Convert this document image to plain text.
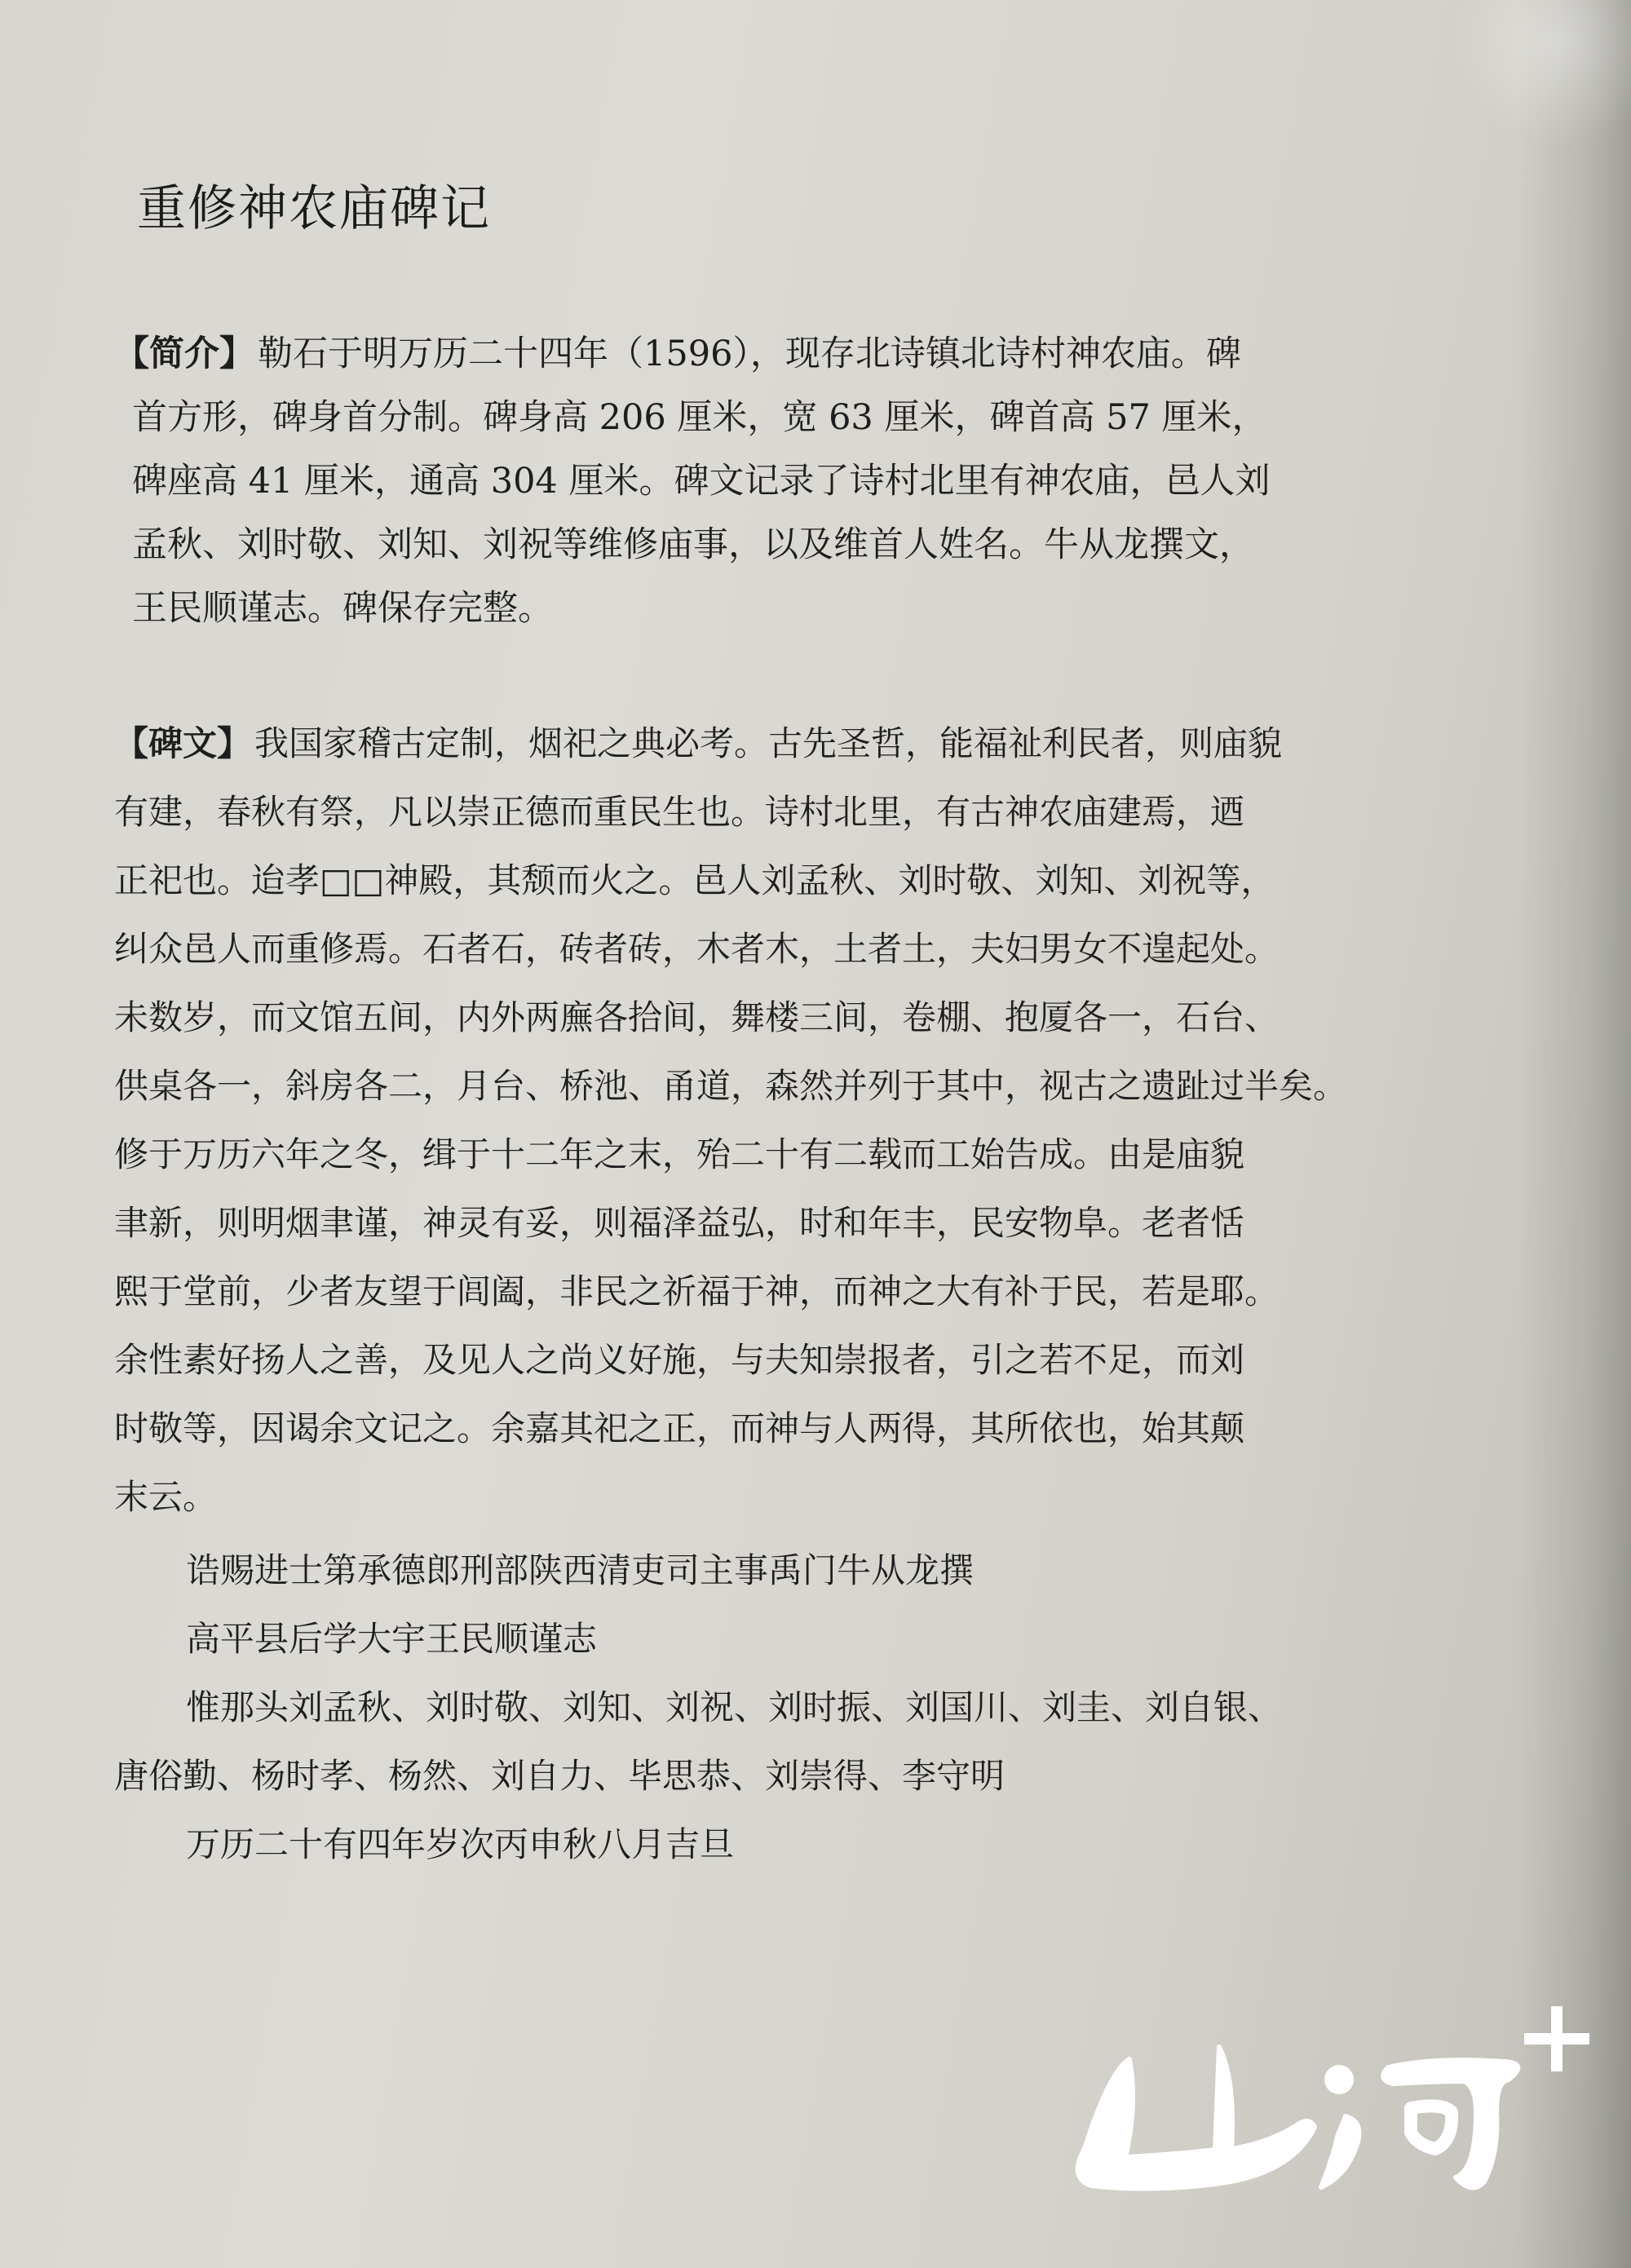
重修神农庙碑记
【简介】勒石于明万历二十四年（1596），现存北诗镇北诗村神农庙。碑
首方形，碑身首分制。碑身高 206 厘米，宽 63 厘米，碑首高 57 厘米，
碑座高 41 厘米，通高 304 厘米。碑文记录了诗村北里有神农庙，邑人刘
孟秋、刘时敬、刘知、刘祝等维修庙事，以及维首人姓名。牛从龙撰文，
王民顺谨志。碑保存完整。
【碑文】我国家稽古定制，烟祀之典必考。古先圣哲，能福祉利民者，则庙貌
有建，春秋有祭，凡以崇正德而重民生也。诗村北里，有古神农庙建焉，迺
正祀也。迨孝□□神殿，其颓而火之。邑人刘孟秋、刘时敬、刘知、刘祝等，
纠众邑人而重修焉。石者石，砖者砖，木者木，土者土，夫妇男女不遑起处。
未数岁，而文馆五间，内外两廡各拾间，舞楼三间，卷棚、抱厦各一，石台、
供桌各一，斜房各二，月台、桥池、甬道，森然并列于其中，视古之遗趾过半矣。
修于万历六年之冬，缉于十二年之末，殆二十有二载而工始告成。由是庙貌
聿新，则明烟聿谨，神灵有妥，则福泽益弘，时和年丰，民安物阜。老者恬
熙于堂前，少者友望于闾阖，非民之祈福于神，而神之大有补于民，若是耶。
余性素好扬人之善，及见人之尚义好施，与夫知崇报者，引之若不足，而刘
时敬等，因谒余文记之。余嘉其祀之正，而神与人两得，其所依也，始其颠
末云。
诰赐进士第承德郎刑部陕西清吏司主事禹门牛从龙撰
高平县后学大宇王民顺谨志
惟那头刘孟秋、刘时敬、刘知、刘祝、刘时振、刘国川、刘圭、刘自银、
唐俗勤、杨时孝、杨然、刘自力、毕思恭、刘崇得、李守明
万历二十有四年岁次丙申秋八月吉旦
